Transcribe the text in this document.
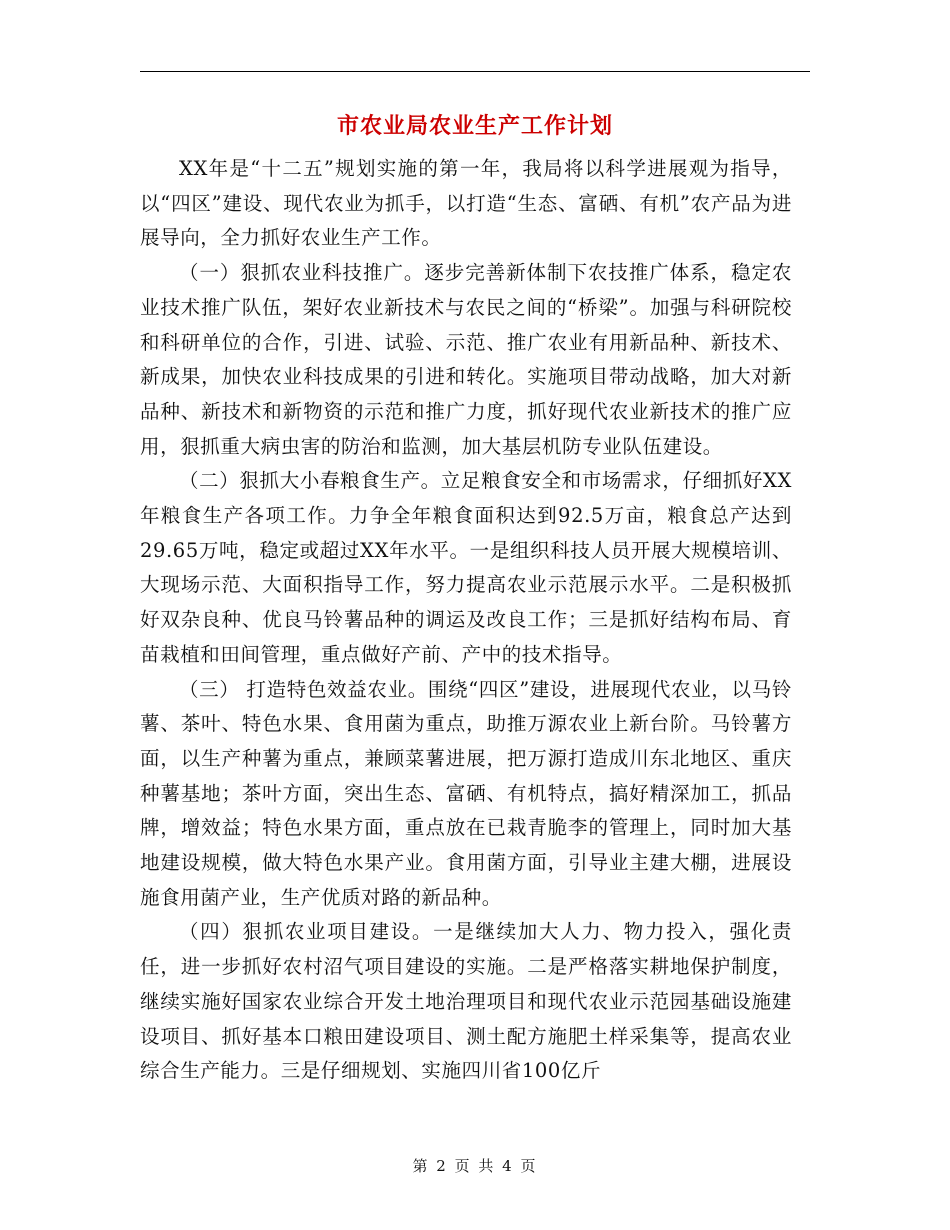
市农业局农业生产工作计划

XX年是“十二五”规划实施的第一年，我局将以科学进展观为指导，以“四区”建设、现代农业为抓手，以打造“生态、富硒、有机”农产品为进展导向，全力抓好农业生产工作。

（一）狠抓农业科技推广。逐步完善新体制下农技推广体系，稳定农业技术推广队伍，架好农业新技术与农民之间的“桥梁”。加强与科研院校和科研单位的合作，引进、试验、示范、推广农业有用新品种、新技术、新成果，加快农业科技成果的引进和转化。实施项目带动战略，加大对新品种、新技术和新物资的示范和推广力度，抓好现代农业新技术的推广应用，狠抓重大病虫害的防治和监测，加大基层机防专业队伍建设。

（二）狠抓大小春粮食生产。立足粮食安全和市场需求，仔细抓好XX年粮食生产各项工作。力争全年粮食面积达到92.5万亩，粮食总产达到29.65万吨，稳定或超过XX年水平。一是组织科技人员开展大规模培训、大现场示范、大面积指导工作，努力提高农业示范展示水平。二是积极抓好双杂良种、优良马铃薯品种的调运及改良工作；三是抓好结构布局、育苗栽植和田间管理，重点做好产前、产中的技术指导。

（三） 打造特色效益农业。围绕“四区”建设，进展现代农业，以马铃薯、茶叶、特色水果、食用菌为重点，助推万源农业上新台阶。马铃薯方面，以生产种薯为重点，兼顾菜薯进展，把万源打造成川东北地区、重庆种薯基地；茶叶方面，突出生态、富硒、有机特点，搞好精深加工，抓品牌，增效益；特色水果方面，重点放在已栽青脆李的管理上，同时加大基地建设规模，做大特色水果产业。食用菌方面，引导业主建大棚，进展设施食用菌产业，生产优质对路的新品种。

（四）狠抓农业项目建设。一是继续加大人力、物力投入，强化责任，进一步抓好农村沼气项目建设的实施。二是严格落实耕地保护制度，继续实施好国家农业综合开发土地治理项目和现代农业示范园基础设施建设项目、抓好基本口粮田建设项目、测土配方施肥土样采集等，提高农业综合生产能力。三是仔细规划、实施四川省100亿斤

第 2 页 共 4 页
